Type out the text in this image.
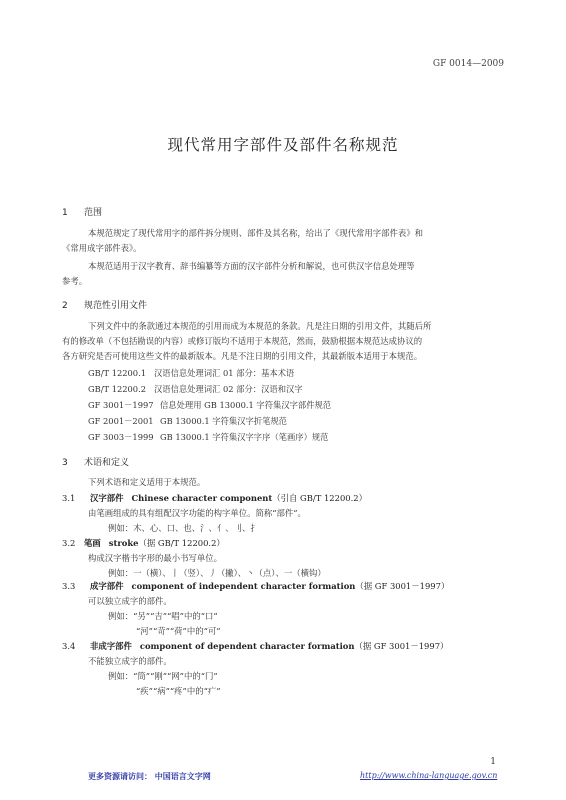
GF 0014—2009
现代常用字部件及部件名称规范
1 范围
本规范规定了现代常用字的部件拆分规则、部件及其名称，给出了《现代常用字部件表》和
《常用成字部件表》。
本规范适用于汉字教育、辞书编纂等方面的汉字部件分析和解说，也可供汉字信息处理等
参考。
2 规范性引用文件
下列文件中的条款通过本规范的引用而成为本规范的条款。凡是注日期的引用文件，其随后所
有的修改单（不包括勘误的内容）或修订版均不适用于本规范，然而，鼓励根据本规范达成协议的
各方研究是否可使用这些文件的最新版本。凡是不注日期的引用文件，其最新版本适用于本规范。
GB/T 12200.1 汉语信息处理词汇 01 部分：基本术语
GB/T 12200.2 汉语信息处理词汇 02 部分：汉语和汉字
GF 3001－1997 信息处理用 GB 13000.1 字符集汉字部件规范
GF 2001－2001 GB 13000.1 字符集汉字折笔规范
GF 3003－1999 GB 13000.1 字符集汉字字序（笔画序）规范
3 术语和定义
下列术语和定义适用于本规范。
3.1 汉字部件 Chinese character component（引自 GB/T 12200.2）
由笔画组成的具有组配汉字功能的构字单位。简称“部件”。
例如：木、心、口、也、氵、亻、刂、扌
3.2 笔画 stroke（据 GB/T 12200.2）
构成汉字楷书字形的最小书写单位。
例如：一（横）、丨（竖）、丿（撇）、丶（点）、一（横钩）
3.3 成字部件 component of independent character formation（据 GF 3001－1997）
可以独立成字的部件。
例如：“另”“吉”“唱”中的“口”
“河”“苛”“荷”中的“可”
3.4 非成字部件 component of dependent character formation（据 GF 3001－1997）
不能独立成字的部件。
例如：“筒”“刚”“网”中的“冂”
“疾”“病”“疼”中的“疒”
1
更多资源请访问： 中国语言文字网	http://www.china-language.gov.cn
